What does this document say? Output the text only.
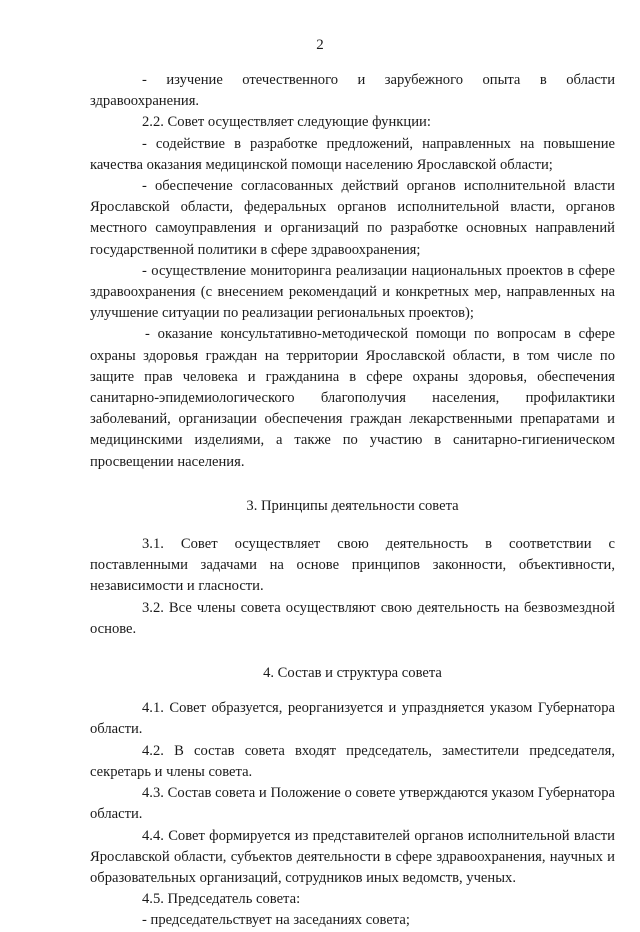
2

- изучение отечественного и зарубежного опыта в области здравоохранения.

2.2. Совет осуществляет следующие функции:

- содействие в разработке предложений, направленных на повышение качества оказания медицинской помощи населению Ярославской области;

- обеспечение согласованных действий органов исполнительной власти Ярославской области, федеральных органов исполнительной власти, органов местного самоуправления и организаций по разработке основных направлений государственной политики в сфере здравоохранения;

- осуществление мониторинга реализации национальных проектов в сфере здравоохранения (с внесением рекомендаций и конкретных мер, направленных на улучшение ситуации по реализации региональных проектов);

- оказание консультативно-методической помощи по вопросам в сфере охраны здоровья граждан на территории Ярославской области, в том числе по защите прав человека и гражданина в сфере охраны здоровья, обеспечения санитарно-эпидемиологического благополучия населения, профилактики заболеваний, организации обеспечения граждан лекарственными препаратами и медицинскими изделиями, а также по участию в санитарно-гигиеническом просвещении населения.

3. Принципы деятельности совета

3.1. Совет осуществляет свою деятельность в соответствии с поставленными задачами на основе принципов законности, объективности, независимости и гласности.

3.2. Все члены совета осуществляют свою деятельность на безвозмездной основе.

4. Состав и структура совета

4.1. Совет образуется, реорганизуется и упраздняется указом Губернатора области.

4.2. В состав совета входят председатель, заместители председателя, секретарь и члены совета.

4.3. Состав совета и Положение о совете утверждаются указом Губернатора области.

4.4. Совет формируется из представителей органов исполнительной власти Ярославской области, субъектов деятельности в сфере здравоохранения, научных и образовательных организаций, сотрудников иных ведомств, ученых.

4.5. Председатель совета:

- председательствует на заседаниях совета;
